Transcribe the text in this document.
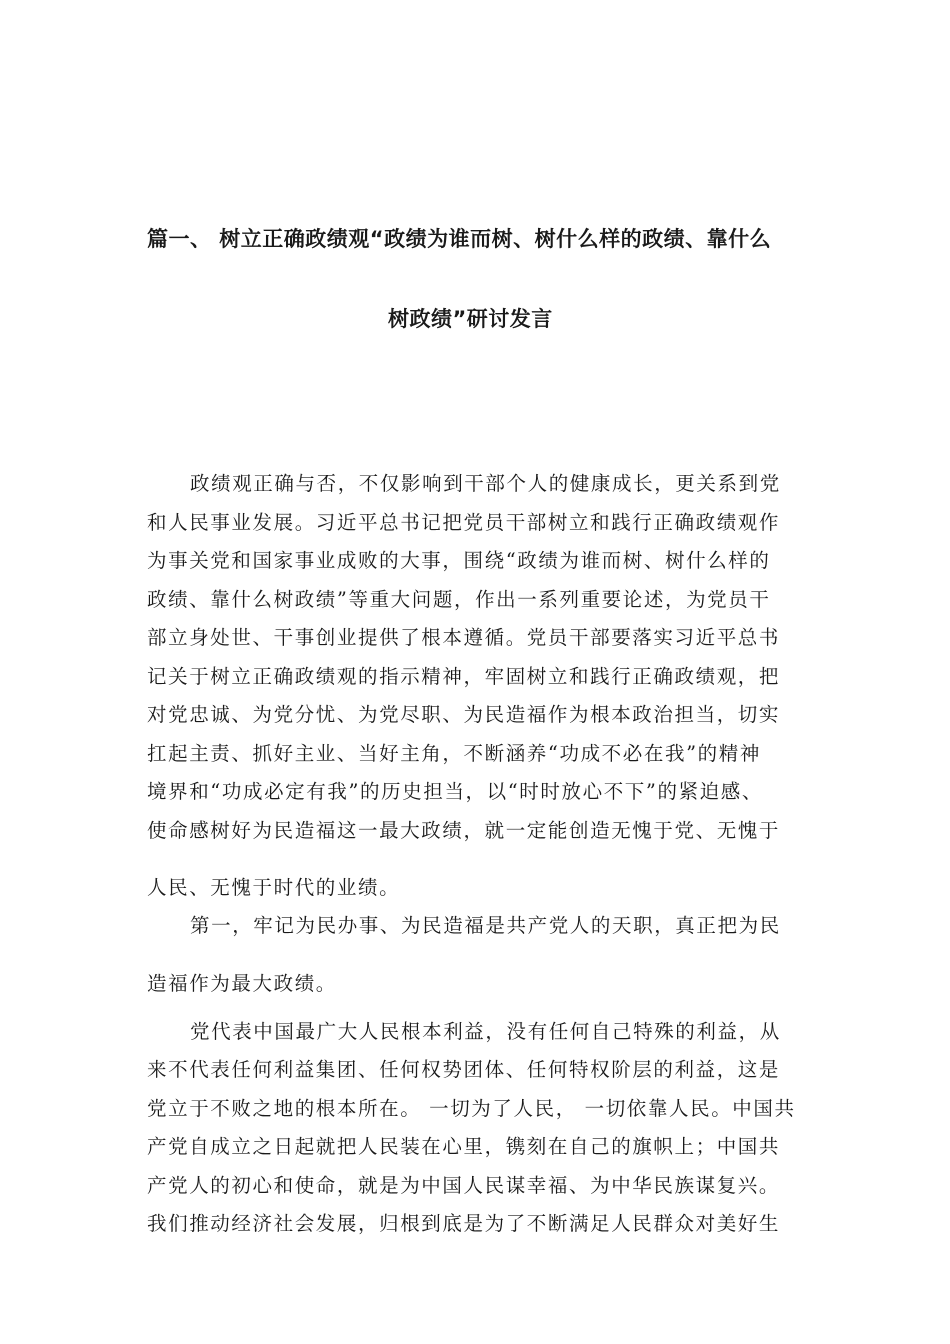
篇一、 树立正确政绩观“政绩为谁而树、树什么样的政绩、靠什么
树政绩”研讨发言
政绩观正确与否，不仅影响到干部个人的健康成长，更关系到党
和人民事业发展。习近平总书记把党员干部树立和践行正确政绩观作
为事关党和国家事业成败的大事，围绕“政绩为谁而树、树什么样的
政绩、靠什么树政绩”等重大问题，作出一系列重要论述，为党员干
部立身处世、干事创业提供了根本遵循。党员干部要落实习近平总书
记关于树立正确政绩观的指示精神，牢固树立和践行正确政绩观，把
对党忠诚、为党分忧、为党尽职、为民造福作为根本政治担当，切实
扛起主责、抓好主业、当好主角，不断涵养“功成不必在我”的精神
境界和“功成必定有我”的历史担当，以“时时放心不下”的紧迫感、
使命感树好为民造福这一最大政绩，就一定能创造无愧于党、无愧于
人民、无愧于时代的业绩。
第一，牢记为民办事、为民造福是共产党人的天职，真正把为民
造福作为最大政绩。
党代表中国最广大人民根本利益，没有任何自己特殊的利益，从
来不代表任何利益集团、任何权势团体、任何特权阶层的利益，这是
党立于不败之地的根本所在。 一切为了人民， 一切依靠人民。中国共
产党自成立之日起就把人民装在心里，镌刻在自己的旗帜上；中国共
产党人的初心和使命，就是为中国人民谋幸福、为中华民族谋复兴。
我们推动经济社会发展，归根到底是为了不断满足人民群众对美好生
